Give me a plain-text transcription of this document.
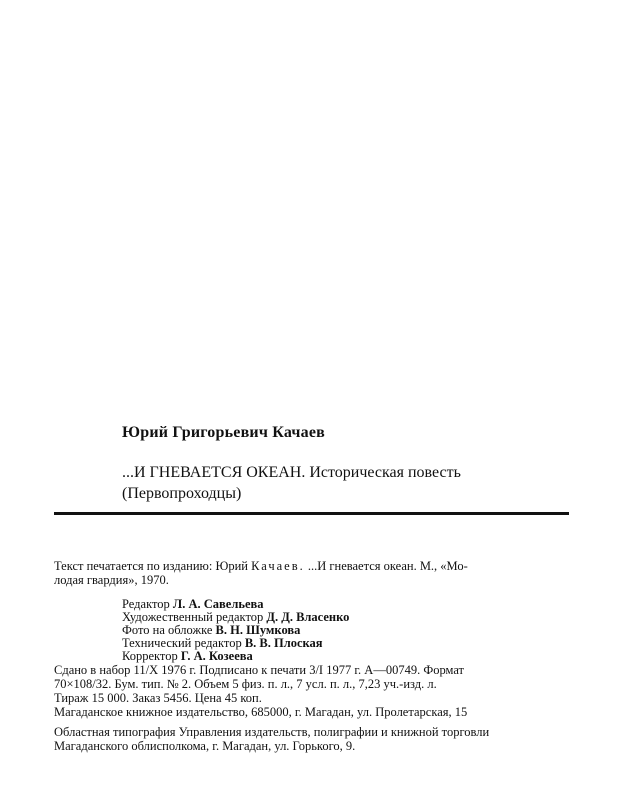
Юрий Григорьевич Качаев
...И ГНЕВАЕТСЯ ОКЕАН. Историческая повесть
(Первопроходцы)
Текст печатается по изданию: Юрий Качаев. ...И гневается океан. М., «Мо-
лодая гвардия», 1970.
Редактор Л. А. Савельева
Художественный редактор Д. Д. Власенко
Фото на обложке В. Н. Шумкова
Технический редактор В. В. Плоская
Корректор Г. А. Козеева
Сдано в набор 11/X 1976 г. Подписано к печати 3/I 1977 г. А—00749. Формат
70×108/32. Бум. тип. № 2. Объем 5 физ. п. л., 7 усл. п. л., 7,23 уч.-изд. л.
Тираж 15 000. Заказ 5456. Цена 45 коп.
Магаданское книжное издательство, 685000, г. Магадан, ул. Пролетарская, 15
Областная типография Управления издательств, полиграфии и книжной торговли
Магаданского облисполкома, г. Магадан, ул. Горького, 9.
